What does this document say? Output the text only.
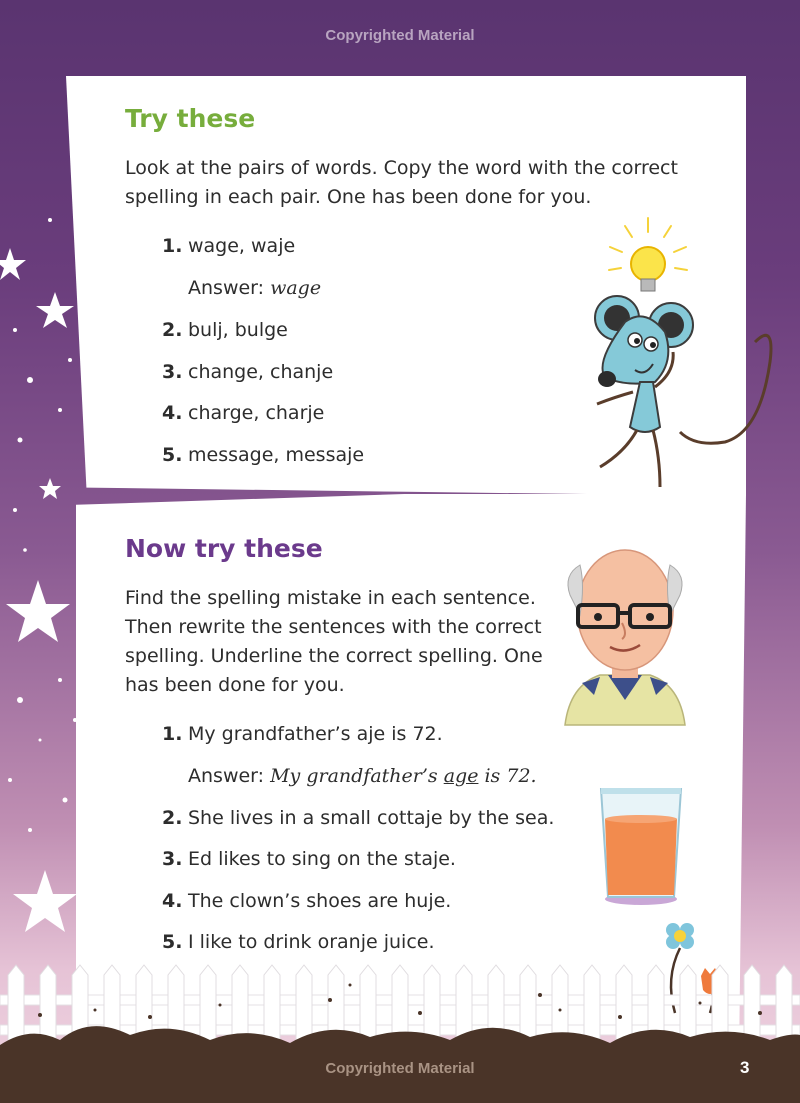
Copyrighted Material
Try these

Look at the pairs of words. Copy the word with the correct spelling in each pair. One has been done for you.

1. wage, waje
Answer: wage
2. bulj, bulge
3. change, chanje
4. charge, charje
5. message, messaje
Now try these

Find the spelling mistake in each sentence. Then rewrite the sentences with the correct spelling. Underline the correct spelling. One has been done for you.

1. My grandfather’s aje is 72.
Answer: My grandfather’s age is 72.
2. She lives in a small cottaje by the sea.
3. Ed likes to sing on the staje.
4. The clown’s shoes are huje.
5. I like to drink oranje juice.
Copyrighted Material	3
